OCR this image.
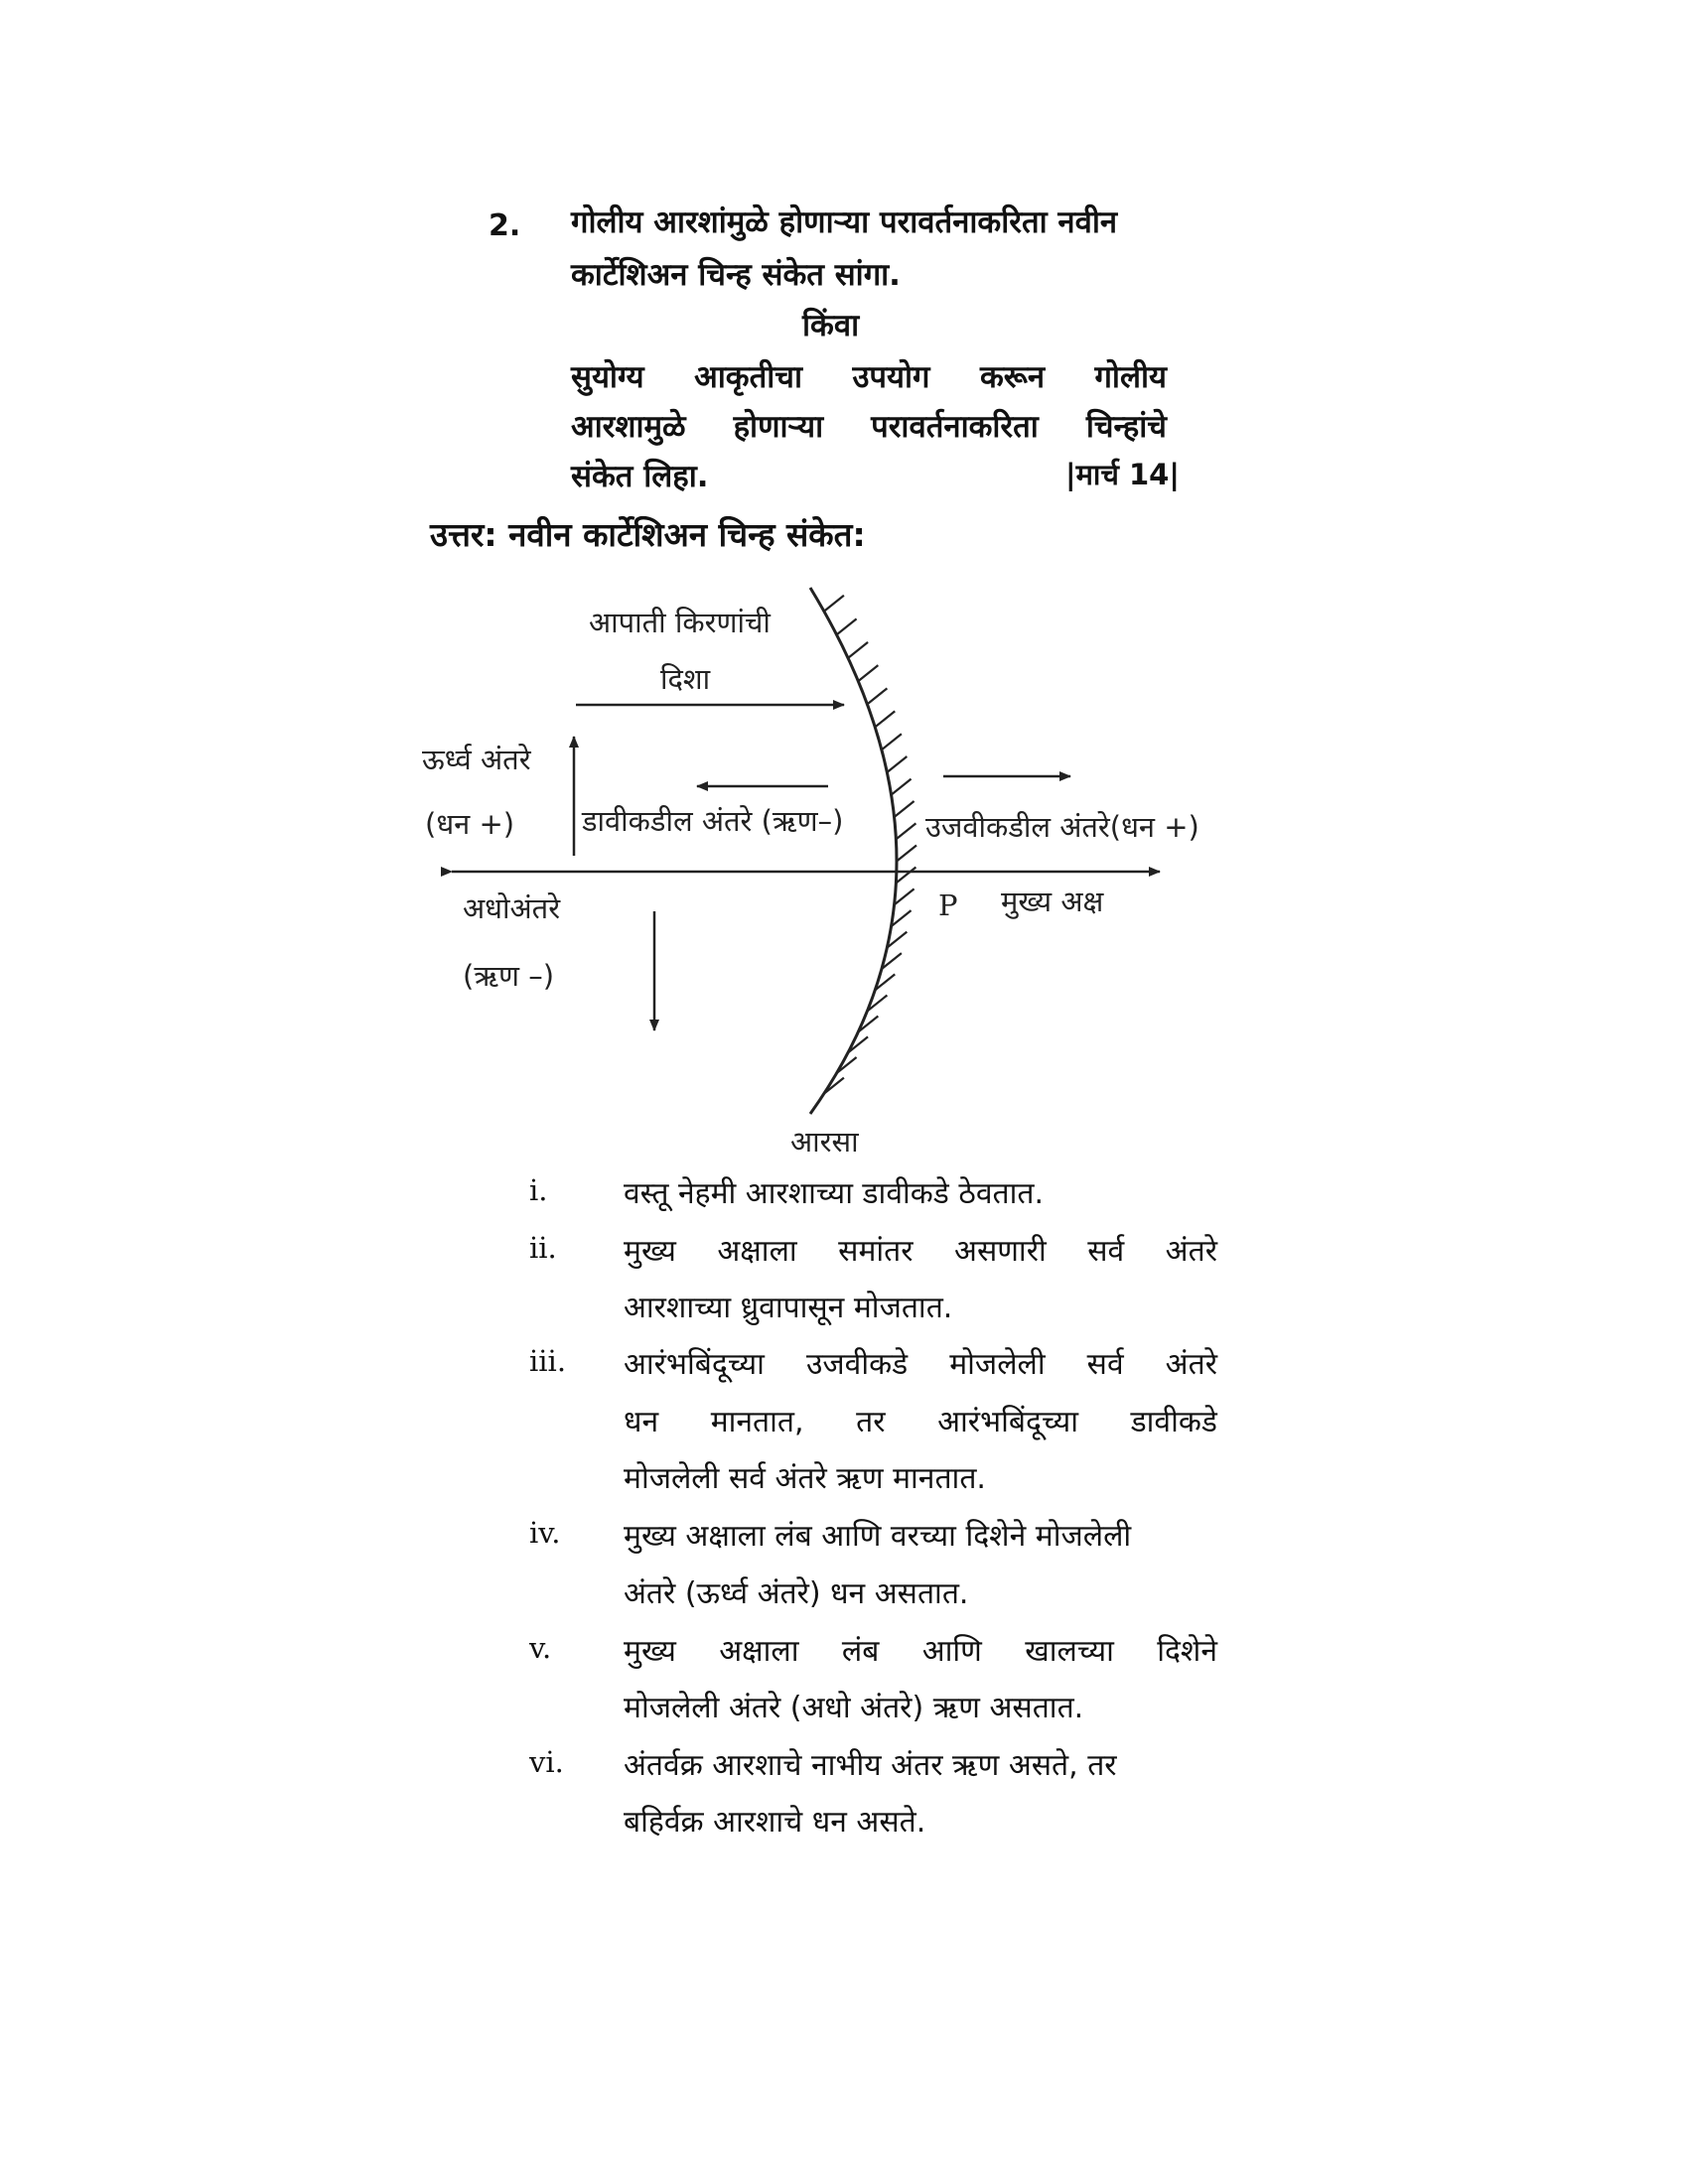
2. गोलीय आरशांमुळे होणाऱ्या परावर्तनाकरिता नवीन
कार्टेशिअन चिन्ह संकेत सांगा.
किंवा
सुयोग्य आकृतीचा उपयोग करून गोलीय
आरशामुळे होणाऱ्या परावर्तनाकरिता चिन्हांचे
संकेत लिहा.	|मार्च 14|
उत्तर: नवीन कार्टेशिअन चिन्ह संकेत:
आपाती किरणांची
दिशा
ऊर्ध्व अंतरे
(धन +) डावीकडील अंतरे (ऋण–)	उजवीकडील अंतरे(धन +)
अधोअंतरे
(ऋण –)
P मुख्य अक्ष
आरसा
i.	वस्तू नेहमी आरशाच्या डावीकडे ठेवतात.
ii. मुख्य अक्षाला समांतर असणारी सर्व अंतरे
आरशाच्या ध्रुवापासून मोजतात.
iii. आरंभबिंदूच्या उजवीकडे मोजलेली सर्व अंतरे
धन मानतात, तर आरंभबिंदूच्या डावीकडे
मोजलेली सर्व अंतरे ऋण मानतात.
iv. मुख्य अक्षाला लंब आणि वरच्या दिशेने मोजलेली
अंतरे (ऊर्ध्व अंतरे) धन असतात.
v. मुख्य अक्षाला लंब आणि खालच्या दिशेने
मोजलेली अंतरे (अधो अंतरे) ऋण असतात.
vi. अंतर्वक्र आरशाचे नाभीय अंतर ऋण असते, तर
बहिर्वक्र आरशाचे धन असते.
